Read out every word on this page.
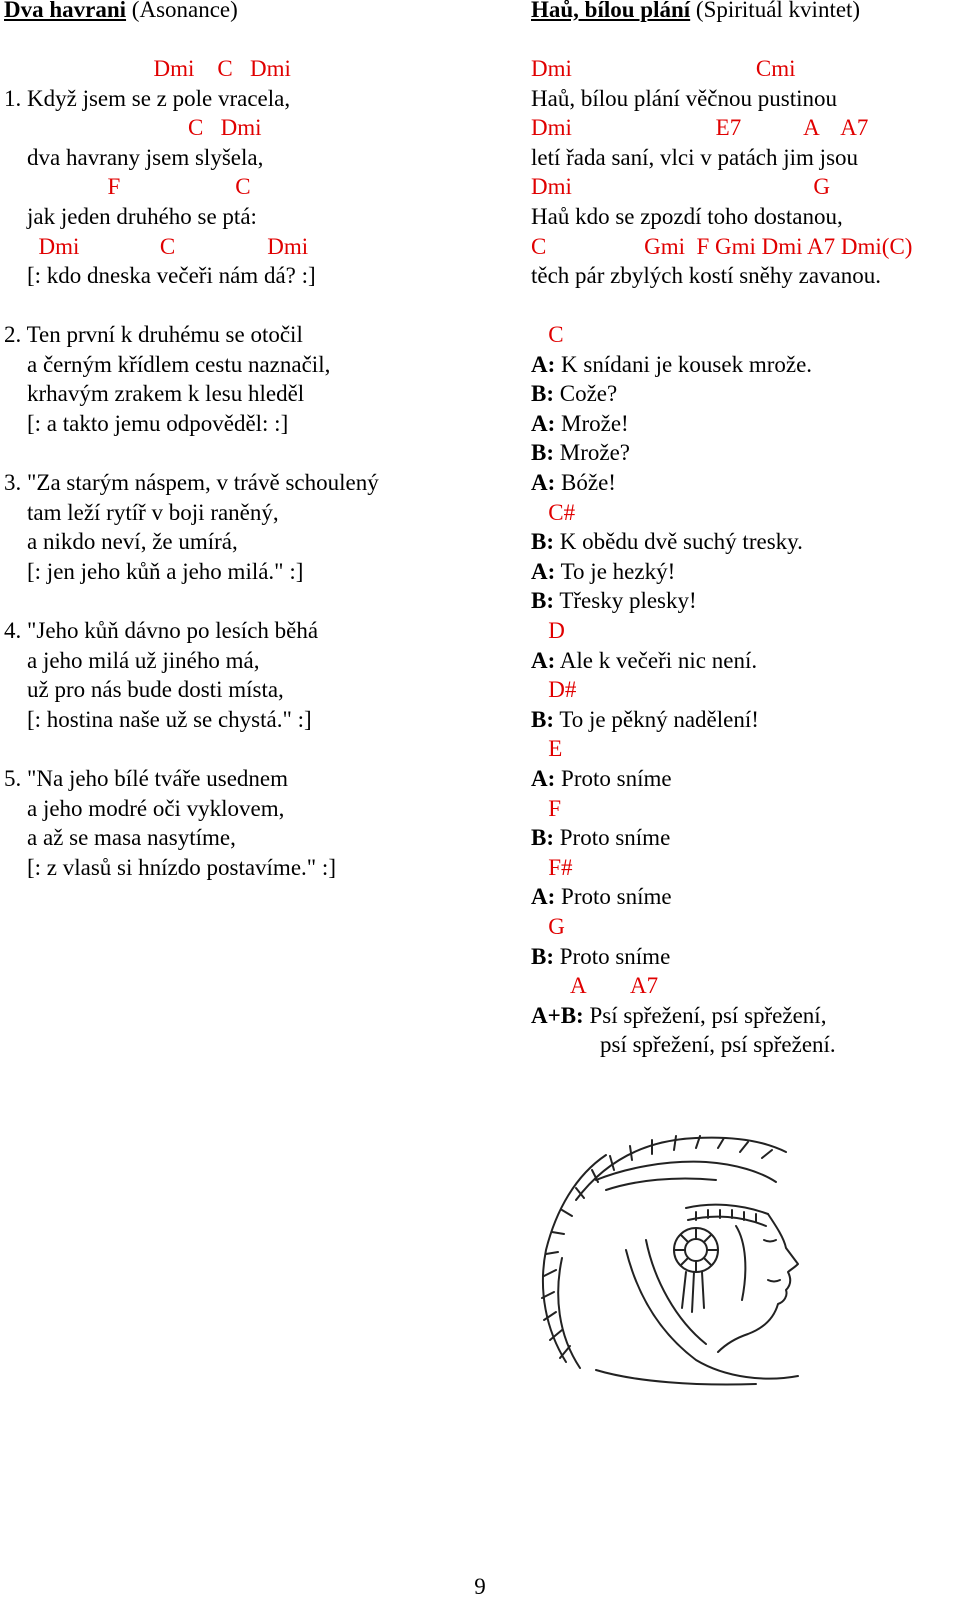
Dva havrani (Asonance)
Dmi    C   Dmi
1. Když jsem se z pole vracela,
C   Dmi
dva havrany jsem slyšela,
F                    C
jak jeden druhého se ptá:
Dmi              C                Dmi
[: kdo dneska večeři nám dá? :]
2. Ten první k druhému se otočil
a černým křídlem cestu naznačil,
krhavým zrakem k lesu hleděl
[: a takto jemu odpověděl: :]
3. "Za starým náspem, v trávě schoulený
tam leží rytíř v boji raněný,
a nikdo neví, že umírá,
[: jen jeho kůň a jeho milá." :]
4. "Jeho kůň dávno po lesích běhá
a jeho milá už jiného má,
už pro nás bude dosti místa,
[: hostina naše už se chystá." :]
5. "Na jeho bílé tváře usednem
a jeho modré oči vyklovem,
a až se masa nasytíme,
[: z vlasů si hnízdo postavíme." :]
Haů, bílou plání (Spirituál kvintet)
Dmi                                Cmi
Haů, bílou plání věčnou pustinou
Dmi                         E7           A    A7
letí řada saní, vlci v patách jim jsou
Dmi                                          G
Haů kdo se zpozdí toho dostanou,
C                 Gmi  F Gmi Dmi A7 Dmi(C)
těch pár zbylých kostí sněhy zavanou.
C
A: K snídani je kousek mrože.
B: Cože?
A: Mrože!
B: Mrože?
A: Bóže!
C#
B: K obědu dvě suchý tresky.
A: To je hezký!
B: Třesky plesky!
D
A: Ale k večeři nic není.
D#
B: To je pěkný nadělení!
E
A: Proto sníme
F
B: Proto sníme
F#
A: Proto sníme
G
B: Proto sníme
A        A7
A+B: Psí spřežení, psí spřežení,
psí spřežení, psí spřežení.
9
